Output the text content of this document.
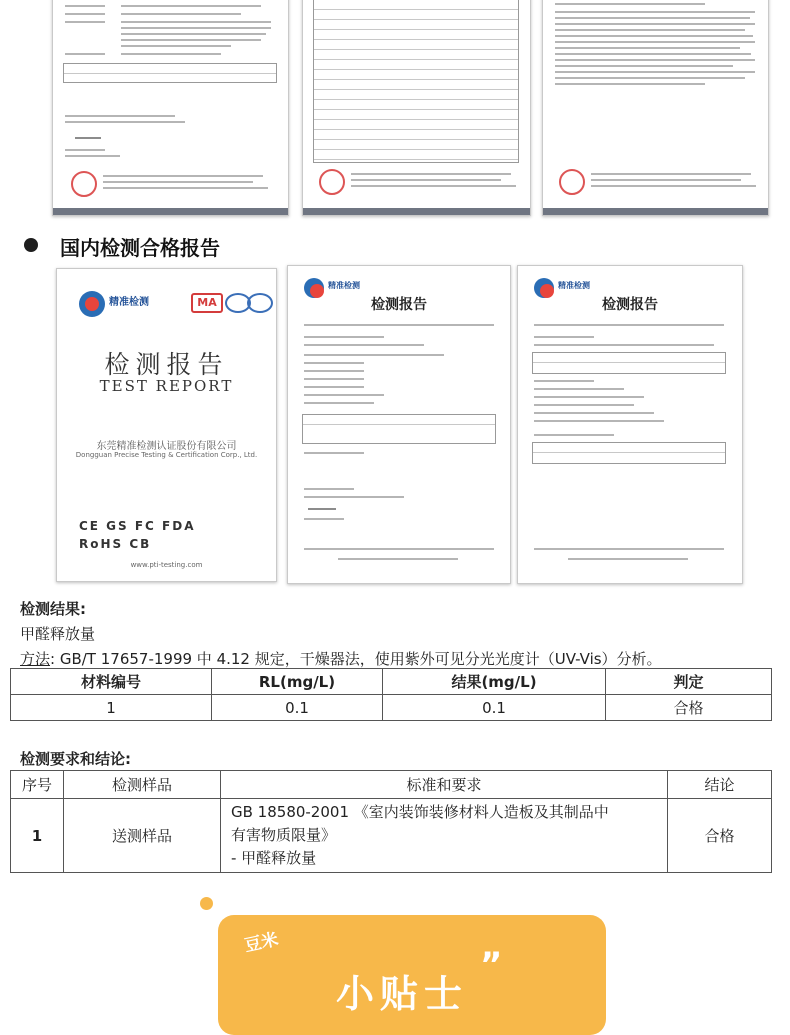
国内检测合格报告
精准检测	MA
检测报告
TEST REPORT
东莞精准检测认证股份有限公司
Dongguan Precise Testing & Certification Corp., Ltd.
CE GS FC FDA
RoHS CB
www.pti-testing.com
精准检测
检测报告
精准检测
检测报告
检测结果:
甲醛释放量
方法: GB/T 17657-1999 中 4.12 规定，干燥器法，使用紫外可见分光光度计（UV-Vis）分析。
材料编号	RL(mg/L)	结果(mg/L)	判定
1	0.1	0.1	合格
检测要求和结论:
序号	检测样品	标准和要求	结论
1	送测样品	GB 18580-2001 《室内装饰装修材料人造板及其制品中
有害物质限量》
- 甲醛释放量	合格
豆米
小贴士
”
